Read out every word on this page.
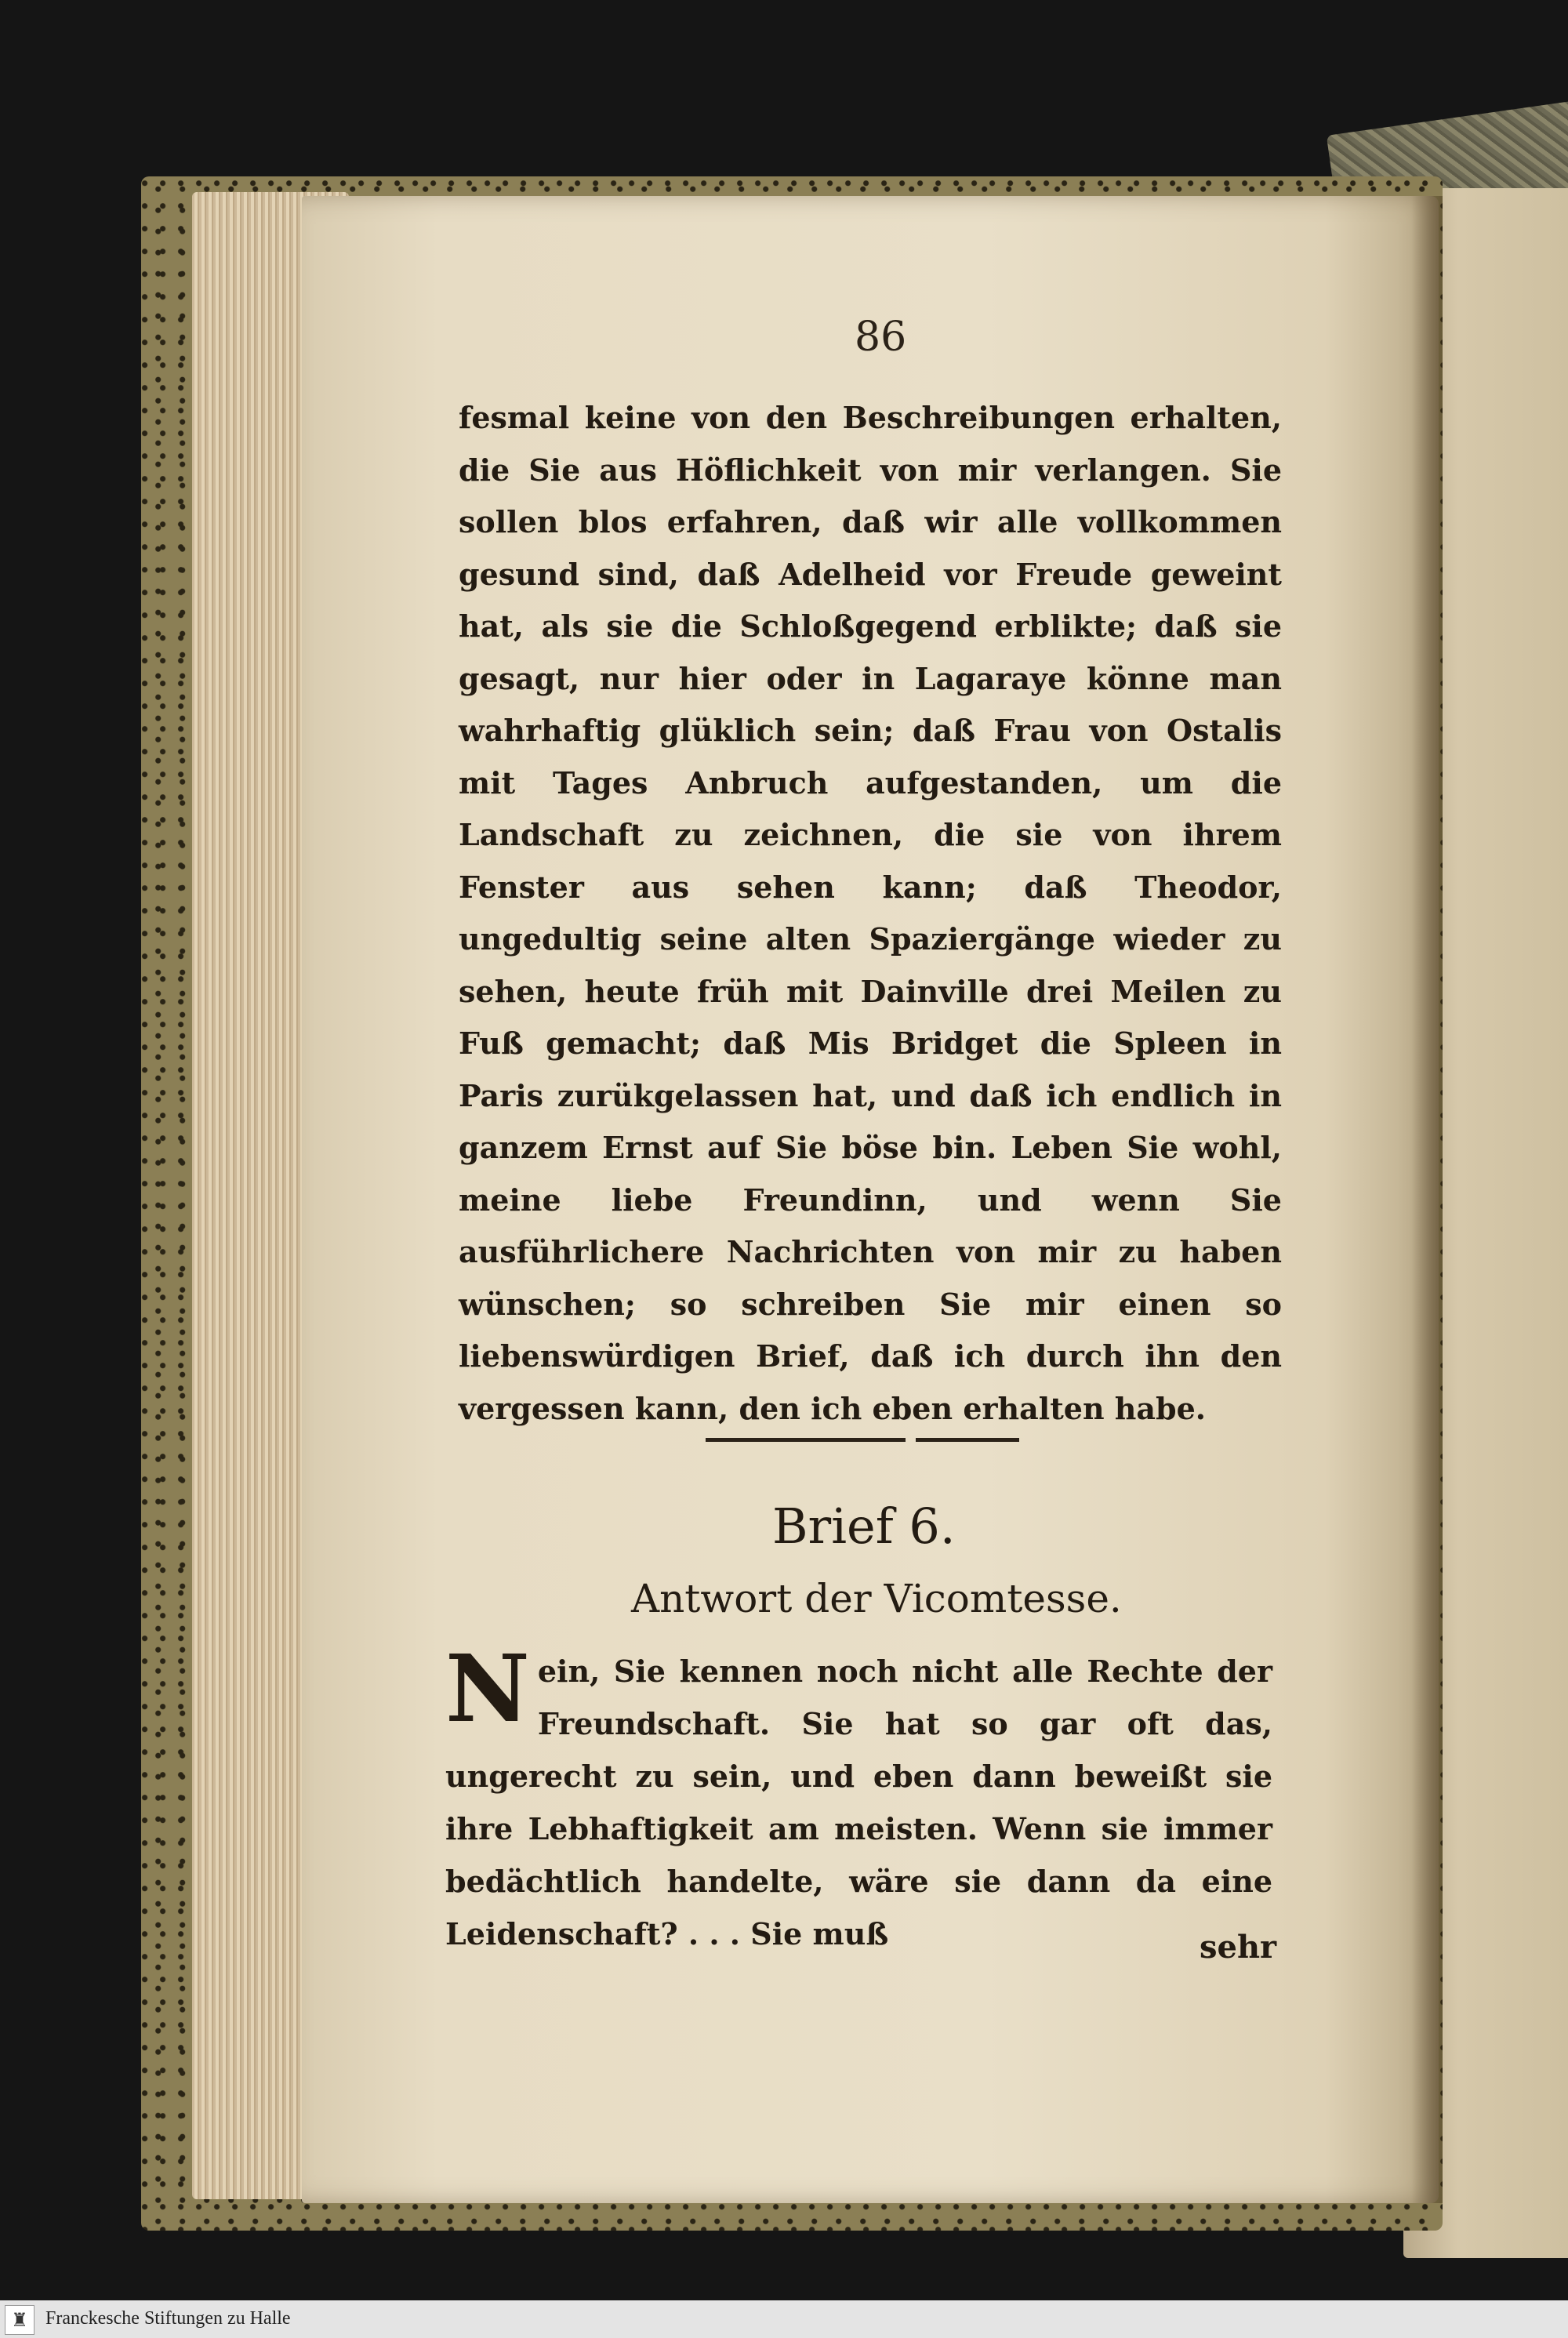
86
fesmal keine von den Beschreibungen erhalten, die Sie aus Höflichkeit von mir verlangen. Sie sollen blos erfahren, daß wir alle vollkommen gesund sind, daß Adelheid vor Freude geweint hat, als sie die Schloßgegend erblikte; daß sie gesagt, nur hier oder in Lagaraye könne man wahrhaftig glüklich sein; daß Frau von Ostalis mit Tages Anbruch aufgestanden, um die Landschaft zu zeichnen, die sie von ihrem Fenster aus sehen kann; daß Theodor, ungedultig seine alten Spaziergänge wieder zu sehen, heute früh mit Dainville drei Meilen zu Fuß gemacht; daß Mis Bridget die Spleen in Paris zurükgelassen hat, und daß ich endlich in ganzem Ernst auf Sie böse bin. Leben Sie wohl, meine liebe Freundinn, und wenn Sie ausführlichere Nachrichten von mir zu haben wünschen; so schreiben Sie mir einen so liebenswürdigen Brief, daß ich durch ihn den vergessen kann, den ich eben erhalten habe.
Brief 6.
Antwort der Vicomtesse.
Nein, Sie kennen noch nicht alle Rechte der Freundschaft. Sie hat so gar oft das, ungerecht zu sein, und eben dann beweißt sie ihre Lebhaftigkeit am meisten. Wenn sie immer bedächtlich handelte, wäre sie dann da eine Leidenschaft? . . . Sie muß	sehr
♜ Franckesche Stiftungen zu Halle
